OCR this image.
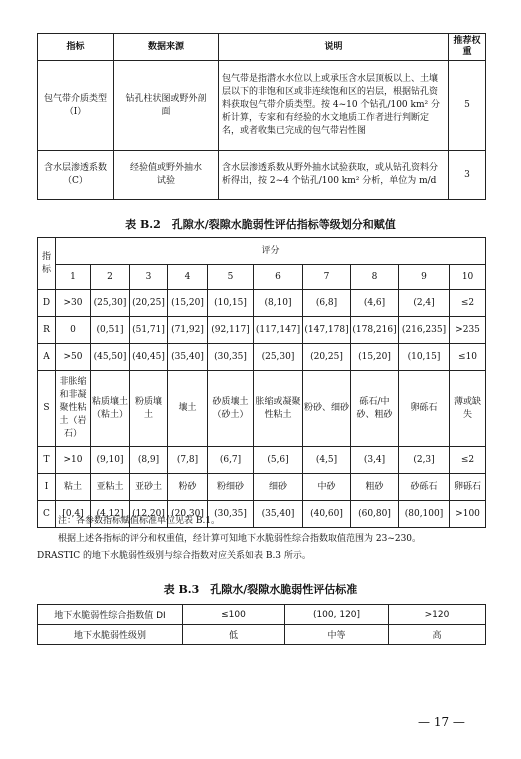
指标	数据来源	说明	推荐权重
包气带介质类型（I）	钻孔柱状图或野外剖面	包气带是指潜水水位以上或承压含水层顶板以上、土壤层以下的非饱和区或非连续饱和区的岩层，根据钻孔资料获取包气带介质类型。按 4~10 个钻孔/100 km² 分析计算，专家和有经验的水文地质工作者进行判断定名，或者收集已完成的包气带岩性图	5
含水层渗透系数（C）	经验值或野外抽水试验	含水层渗透系数从野外抽水试验获取，或从钻孔资料分析得出，按 2~4 个钻孔/100 km² 分析，单位为 m/d	3
表 B.2　孔隙水/裂隙水脆弱性评估指标等级划分和赋值
指标	评分									
	1	2	3	4	5	6	7	8	9	10
D	>30	(25,30]	(20,25]	(15,20]	(10,15]	(8,10]	(6,8]	(4,6]	(2,4]	≤2
R	0	(0,51]	(51,71]	(71,92]	(92,117]	(117,147]	(147,178]	(178,216]	(216,235]	>235
A	>50	(45,50]	(40,45]	(35,40]	(30,35]	(25,30]	(20,25]	(15,20]	(10,15]	≤10
S	非胀缩和非凝聚性粘土（岩石）	粘质壤土（粘土）	粉质壤土	壤土	砂质壤土（砂土）	胀缩或凝聚性粘土	粉砂、细砂	砾石/中砂、粗砂	卵砾石	薄或缺失
T	>10	(9,10]	(8,9]	(7,8]	(6,7]	(5,6]	(4,5]	(3,4]	(2,3]	≤2
I	粘土	亚粘土	亚砂土	粉砂	粉细砂	细砂	中砂	粗砂	砂砾石	卵砾石
C	[0,4]	(4,12]	(12,20]	(20,30]	(30,35]	(35,40]	(40,60]	(60,80]	(80,100]	>100
注：各参数指标赋值标准单位见表 B.1。
根据上述各指标的评分和权重值，经计算可知地下水脆弱性综合指数取值范围为 23~230。
DRASTIC 的地下水脆弱性级别与综合指数对应关系如表 B.3 所示。
表 B.3　孔隙水/裂隙水脆弱性评估标准
地下水脆弱性综合指数值 DI	≤100	(100, 120]	>120
地下水脆弱性级别	低	中等	高
— 17 —
